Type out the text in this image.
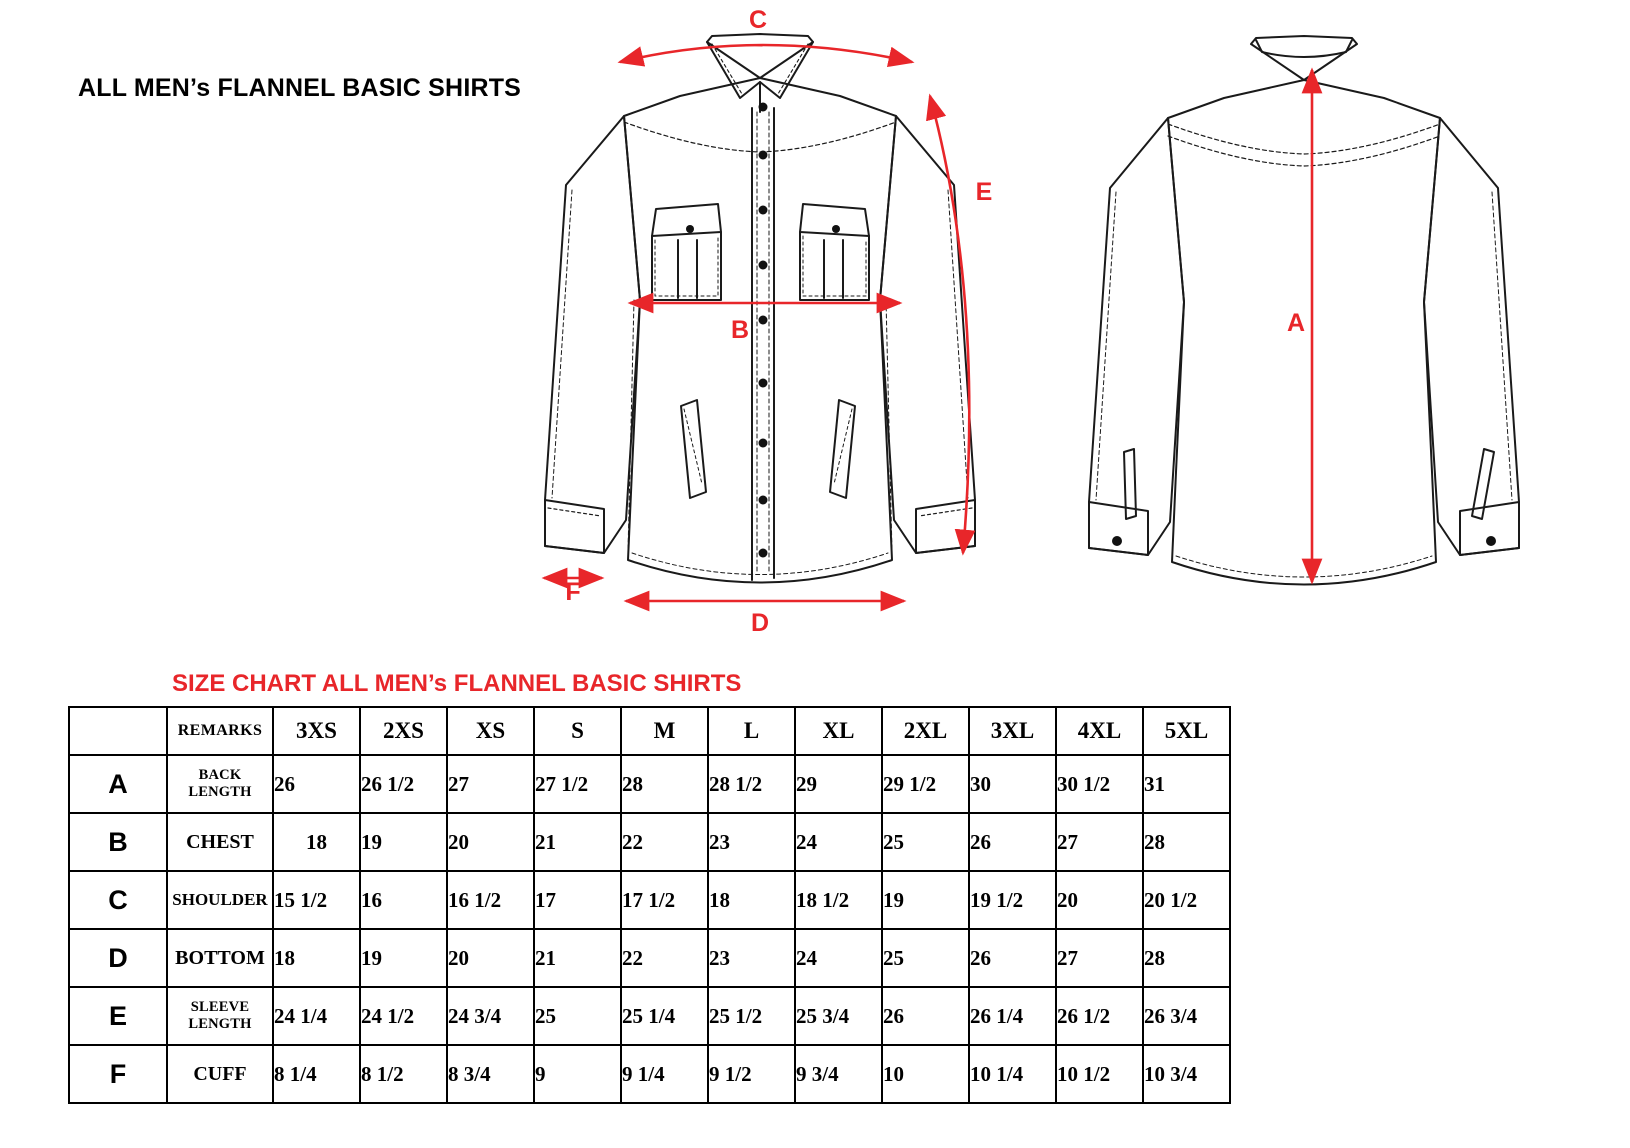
ALL MEN’s FLANNEL BASIC SHIRTS
C
E
B
F
D
A
SIZE CHART ALL MEN’s FLANNEL BASIC SHIRTS
	REMARKS	3XS	2XS	XS	S	M	L	XL	2XL	3XL	4XL	5XL
A	BACK LENGTH	26	26 1/2	27	27 1/2	28	28 1/2	29	29 1/2	30	30 1/2	31
B	CHEST	18	19	20	21	22	23	24	25	26	27	28
C	SHOULDER	15 1/2	16	16 1/2	17	17 1/2	18	18 1/2	19	19 1/2	20	20 1/2
D	BOTTOM	18	19	20	21	22	23	24	25	26	27	28
E	SLEEVE LENGTH	24 1/4	24 1/2	24 3/4	25	25 1/4	25 1/2	25 3/4	26	26 1/4	26 1/2	26 3/4
F	CUFF	8 1/4	8 1/2	8 3/4	9	9 1/4	9 1/2	9 3/4	10	10 1/4	10 1/2	10 3/4
